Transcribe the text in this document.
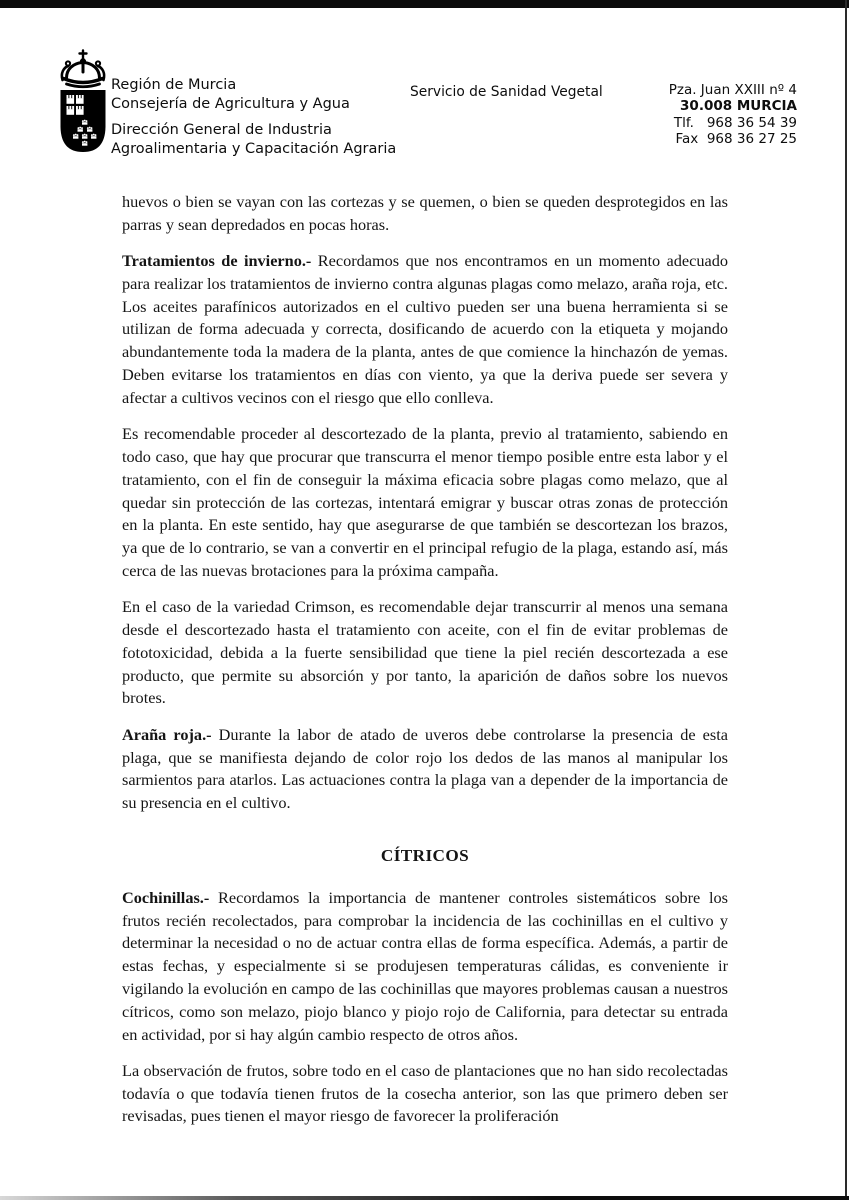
Región de Murcia
Consejería de Agricultura y Agua
Dirección General de Industria
Agroalimentaria y Capacitación Agraria
Servicio de Sanidad Vegetal	Pza. Juan XXIII nº 4
30.008 MURCIA
Tlf.   968 36 54 39
Fax  968 36 27 25

huevos o bien se vayan con las cortezas y se quemen, o bien se queden desprotegidos en las parras y sean depredados en pocas horas.

Tratamientos de invierno.- Recordamos que nos encontramos en un momento adecuado para realizar los tratamientos de invierno contra algunas plagas como melazo, araña roja, etc. Los aceites parafínicos autorizados en el cultivo pueden ser una buena herramienta si se utilizan de forma adecuada y correcta, dosificando de acuerdo con la etiqueta y mojando abundantemente toda la madera de la planta, antes de que comience la hinchazón de yemas. Deben evitarse los tratamientos en días con viento, ya que la deriva puede ser severa y afectar a cultivos vecinos con el riesgo que ello conlleva.

Es recomendable proceder al descortezado de la planta, previo al tratamiento, sabiendo en todo caso, que hay que procurar que transcurra el menor tiempo posible entre esta labor y el tratamiento, con el fin de conseguir la máxima eficacia sobre plagas como melazo, que al quedar sin protección de las cortezas, intentará emigrar y buscar otras zonas de protección en la planta. En este sentido, hay que asegurarse de que también se descortezan los brazos, ya que de lo contrario, se van a convertir en el principal refugio de la plaga, estando así, más cerca de las nuevas brotaciones para la próxima campaña.

En el caso de la variedad Crimson, es recomendable dejar transcurrir al menos una semana desde el descortezado hasta el tratamiento con aceite, con el fin de evitar problemas de fototoxicidad, debida a la fuerte sensibilidad que tiene la piel recién descortezada a ese producto, que permite su absorción y por tanto, la aparición de daños sobre los nuevos brotes.

Araña roja.- Durante la labor de atado de uveros debe controlarse la presencia de esta plaga, que se manifiesta dejando de color rojo los dedos de las manos al manipular los sarmientos para atarlos. Las actuaciones contra la plaga van a depender de la importancia de su presencia en el cultivo.

CÍTRICOS

Cochinillas.- Recordamos la importancia de mantener controles sistemáticos sobre los frutos recién recolectados, para comprobar la incidencia de las cochinillas en el cultivo y determinar la necesidad o no de actuar contra ellas de forma específica. Además, a partir de estas fechas, y especialmente si se produjesen temperaturas cálidas, es conveniente ir vigilando la evolución en campo de las cochinillas que mayores problemas causan a nuestros cítricos, como son melazo, piojo blanco y piojo rojo de California, para detectar su entrada en actividad, por si hay algún cambio respecto de otros años.

La observación de frutos, sobre todo en el caso de plantaciones que no han sido recolectadas todavía o que todavía tienen frutos de la cosecha anterior, son las que primero deben ser revisadas, pues tienen el mayor riesgo de favorecer la proliferación
